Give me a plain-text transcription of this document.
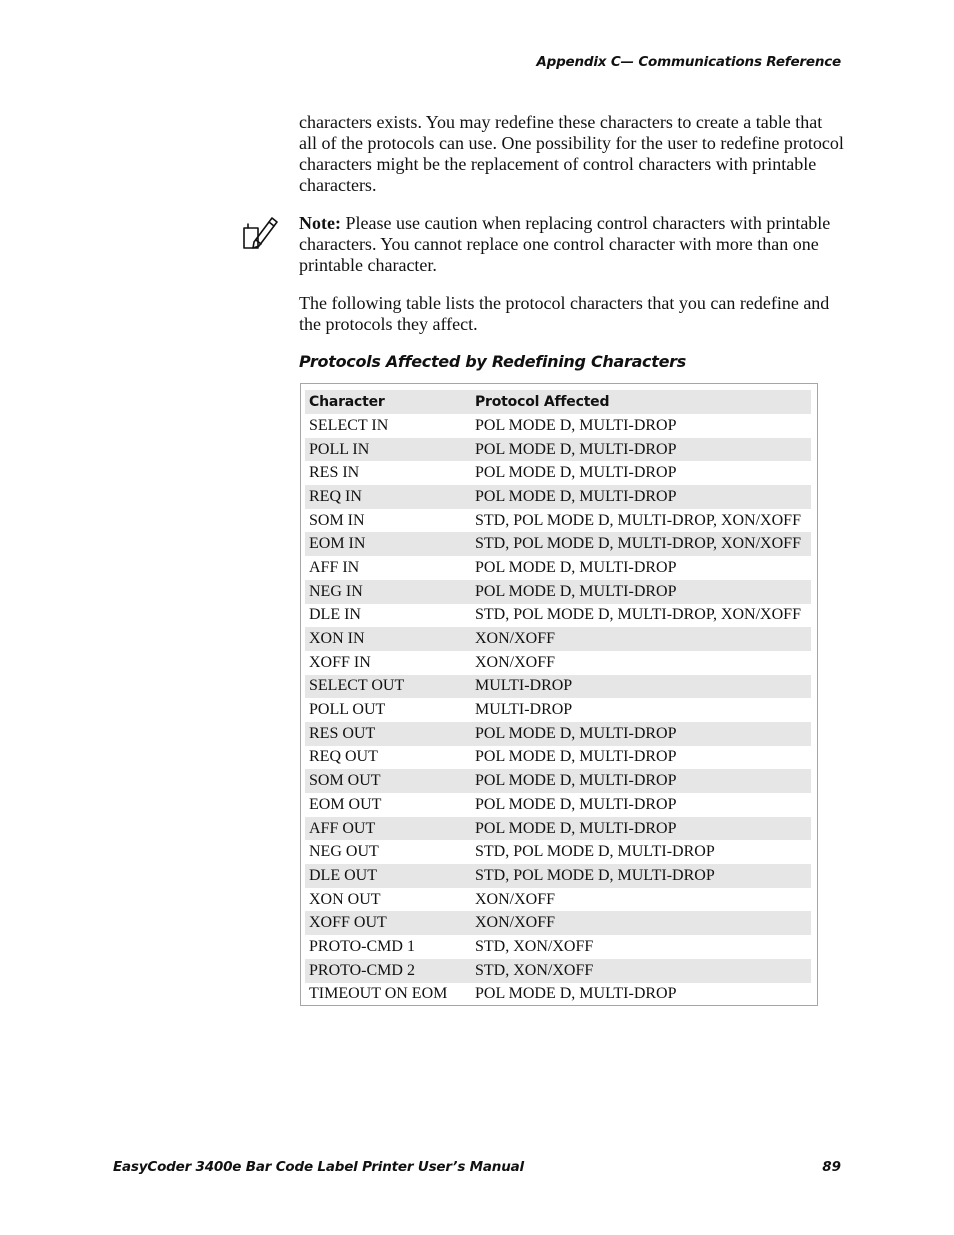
Appendix C— Communications Reference

characters exists. You may redefine these characters to create a table that all of the protocols can use. One possibility for the user to redefine protocol characters might be the replacement of control characters with printable characters.

Note: Please use caution when replacing control characters with printable characters. You cannot replace one control character with more than one printable character.

The following table lists the protocol characters that you can redefine and the protocols they affect.

Protocols Affected by Redefining Characters
Character	Protocol Affected
SELECT IN	POL MODE D, MULTI-DROP
POLL IN	POL MODE D, MULTI-DROP
RES IN	POL MODE D, MULTI-DROP
REQ IN	POL MODE D, MULTI-DROP
SOM IN	STD, POL MODE D, MULTI-DROP, XON/XOFF
EOM IN	STD, POL MODE D, MULTI-DROP, XON/XOFF
AFF IN	POL MODE D, MULTI-DROP
NEG IN	POL MODE D, MULTI-DROP
DLE IN	STD, POL MODE D, MULTI-DROP, XON/XOFF
XON IN	XON/XOFF
XOFF IN	XON/XOFF
SELECT OUT	MULTI-DROP
POLL OUT	MULTI-DROP
RES OUT	POL MODE D, MULTI-DROP
REQ OUT	POL MODE D, MULTI-DROP
SOM OUT	POL MODE D, MULTI-DROP
EOM OUT	POL MODE D, MULTI-DROP
AFF OUT	POL MODE D, MULTI-DROP
NEG OUT	STD, POL MODE D, MULTI-DROP
DLE OUT	STD, POL MODE D, MULTI-DROP
XON OUT	XON/XOFF
XOFF OUT	XON/XOFF
PROTO-CMD 1	STD, XON/XOFF
PROTO-CMD 2	STD, XON/XOFF
TIMEOUT ON EOM	POL MODE D, MULTI-DROP
EasyCoder 3400e Bar Code Label Printer User’s Manual	89
